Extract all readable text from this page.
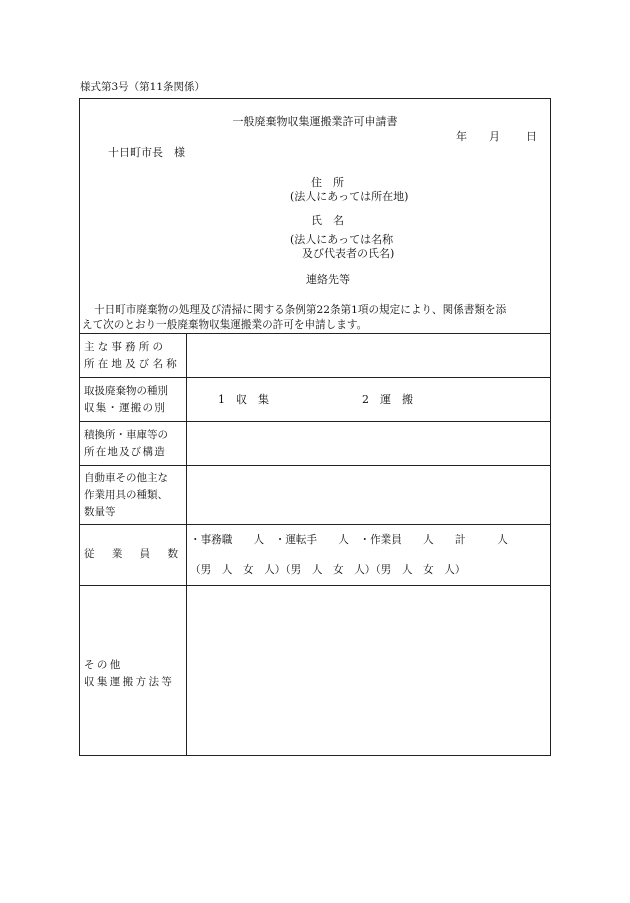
様式第3号（第11条関係）
一般廃棄物収集運搬業許可申請書
年 月 日
十日町市長　様
住　所
(法人にあっては所在地)
氏　名
(法人にあっては名称
及び代表者の氏名)
連絡先等
十日町市廃棄物の処理及び清掃に関する条例第22条第1項の規定により、関係書類を添
えて次のとおり一般廃棄物収集運搬業の許可を申請します。
主な事務所の
所在地及び名称
取扱廃棄物の種別
収集・運搬の別
1　収　集	2　運　搬
積換所・車庫等の
所在地及び構造
自動車その他主な
作業用具の種類、
数量等
従 業 員 数
・事務職　　人　・運転手　　人　・作業員　　人　　計　　　人
（男　人　女　人）（男　人　女　人）（男　人　女　人）
その他
収集運搬方法等
